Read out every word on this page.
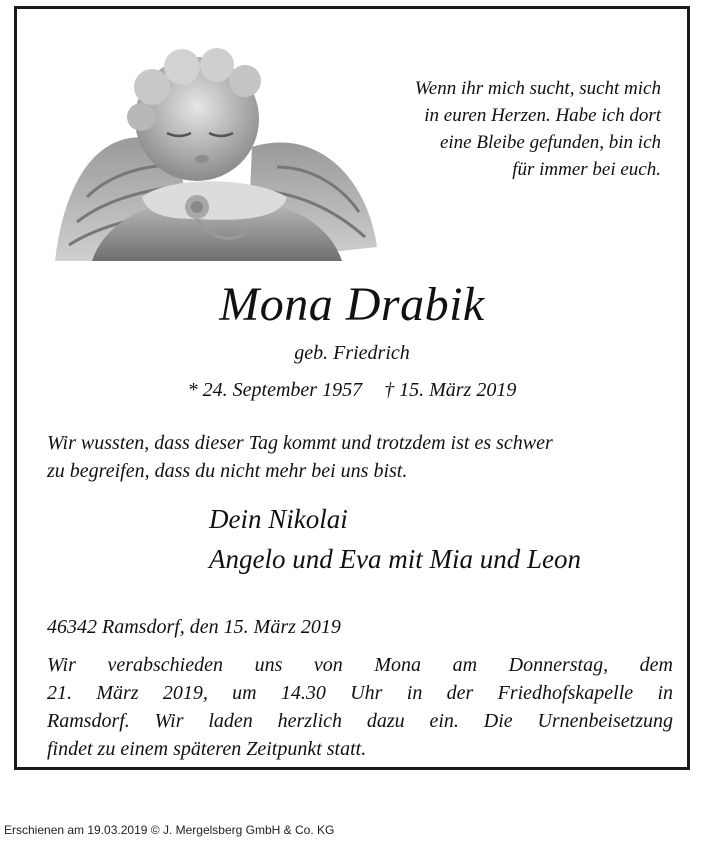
Wenn ihr mich sucht, sucht mich
in euren Herzen. Habe ich dort
eine Bleibe gefunden, bin ich
für immer bei euch.
Mona Drabik
geb. Friedrich
* 24. September 1957 † 15. März 2019
Wir wussten, dass dieser Tag kommt und trotzdem ist es schwer
zu begreifen, dass du nicht mehr bei uns bist.
Dein Nikolai
Angelo und Eva mit Mia und Leon
46342 Ramsdorf, den 15. März 2019
Wir verabschieden uns von Mona am Donnerstag, dem
21. März 2019, um 14.30 Uhr in der Friedhofskapelle in
Ramsdorf. Wir laden herzlich dazu ein. Die Urnenbeisetzung
findet zu einem späteren Zeitpunkt statt.
Erschienen am 19.03.2019 © J. Mergelsberg GmbH & Co. KG
